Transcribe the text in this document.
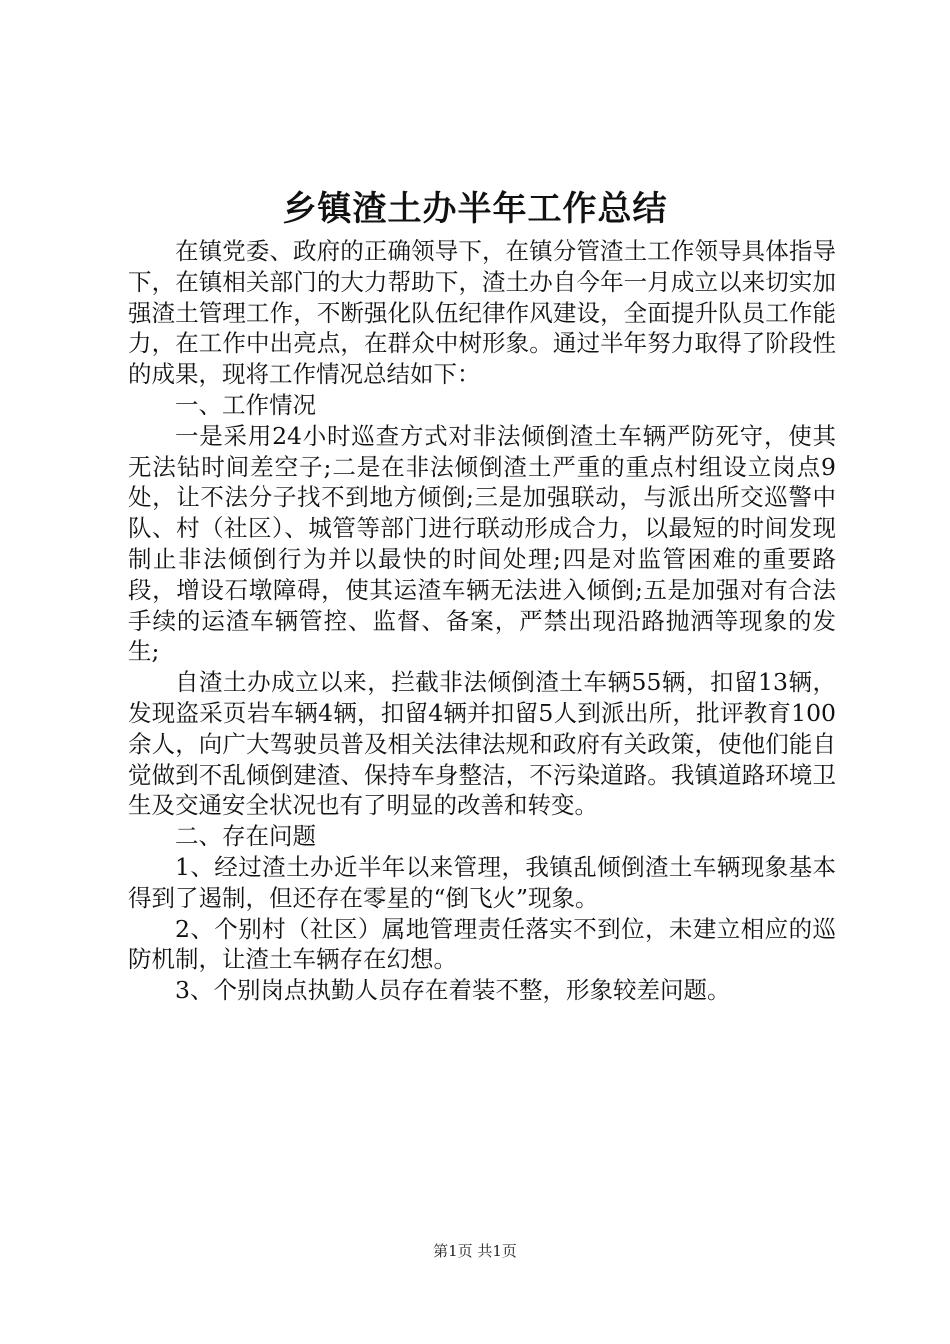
乡镇渣土办半年工作总结

在镇党委、政府的正确领导下，在镇分管渣土工作领导具体指导下，在镇相关部门的大力帮助下，渣土办自今年一月成立以来切实加强渣土管理工作，不断强化队伍纪律作风建设，全面提升队员工作能力，在工作中出亮点，在群众中树形象。通过半年努力取得了阶段性的成果，现将工作情况总结如下：

一、工作情况

一是采用24小时巡查方式对非法倾倒渣土车辆严防死守，使其无法钻时间差空子;二是在非法倾倒渣土严重的重点村组设立岗点9处，让不法分子找不到地方倾倒;三是加强联动，与派出所交巡警中队、村（社区）、城管等部门进行联动形成合力，以最短的时间发现制止非法倾倒行为并以最快的时间处理;四是对监管困难的重要路段，增设石墩障碍，使其运渣车辆无法进入倾倒;五是加强对有合法手续的运渣车辆管控、监督、备案，严禁出现沿路抛洒等现象的发生;

自渣土办成立以来，拦截非法倾倒渣土车辆55辆，扣留13辆，发现盗采页岩车辆4辆，扣留4辆并扣留5人到派出所，批评教育100余人，向广大驾驶员普及相关法律法规和政府有关政策，使他们能自觉做到不乱倾倒建渣、保持车身整洁，不污染道路。我镇道路环境卫生及交通安全状况也有了明显的改善和转变。

二、存在问题

1、经过渣土办近半年以来管理，我镇乱倾倒渣土车辆现象基本得到了遏制，但还存在零星的“倒飞火”现象。

2、个别村（社区）属地管理责任落实不到位，未建立相应的巡防机制，让渣土车辆存在幻想。

3、个别岗点执勤人员存在着装不整，形象较差问题。

第1页 共1页
